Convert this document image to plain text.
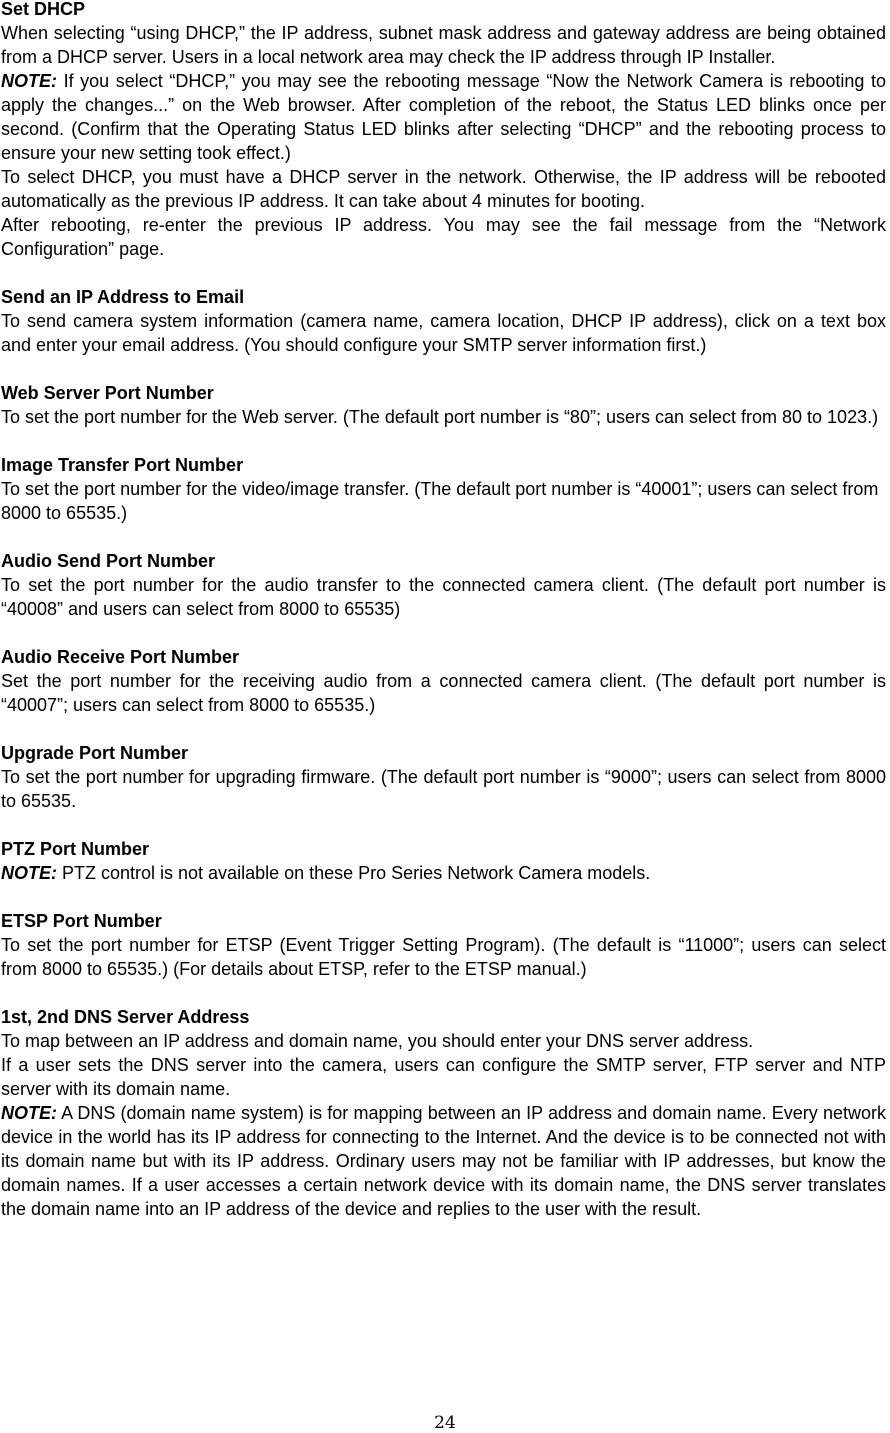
Set DHCP
When selecting “using DHCP,” the IP address, subnet mask address and gateway address are being obtained from a DHCP server. Users in a local network area may check the IP address through IP Installer.
NOTE: If you select “DHCP,” you may see the rebooting message “Now the Network Camera is rebooting to apply the changes...” on the Web browser. After completion of the reboot, the Status LED blinks once per second. (Confirm that the Operating Status LED blinks after selecting “DHCP” and the rebooting process to ensure your new setting took effect.)
To select DHCP, you must have a DHCP server in the network. Otherwise, the IP address will be rebooted automatically as the previous IP address. It can take about 4 minutes for booting.
After rebooting, re-enter the previous IP address. You may see the fail message from the “Network Configuration” page.
Send an IP Address to Email
To send camera system information (camera name, camera location, DHCP IP address), click on a text box and enter your email address. (You should configure your SMTP server information first.)
Web Server Port Number
To set the port number for the Web server. (The default port number is “80”; users can select from 80 to 1023.)
Image Transfer Port Number
To set the port number for the video/image transfer. (The default port number is “40001”; users can select from 8000 to 65535.)
Audio Send Port Number
To set the port number for the audio transfer to the connected camera client. (The default port number is “40008” and users can select from 8000 to 65535)
Audio Receive Port Number
Set the port number for the receiving audio from a connected camera client. (The default port number is “40007”; users can select from 8000 to 65535.)
Upgrade Port Number
To set the port number for upgrading firmware. (The default port number is “9000”; users can select from 8000 to 65535.
PTZ Port Number
NOTE: PTZ control is not available on these Pro Series Network Camera models.
ETSP Port Number
To set the port number for ETSP (Event Trigger Setting Program). (The default is “11000”; users can select from 8000 to 65535.) (For details about ETSP, refer to the ETSP manual.)
1st, 2nd DNS Server Address
To map between an IP address and domain name, you should enter your DNS server address.
If a user sets the DNS server into the camera, users can configure the SMTP server, FTP server and NTP server with its domain name.
NOTE: A DNS (domain name system) is for mapping between an IP address and domain name. Every network device in the world has its IP address for connecting to the Internet. And the device is to be connected not with its domain name but with its IP address. Ordinary users may not be familiar with IP addresses, but know the domain names. If a user accesses a certain network device with its domain name, the DNS server translates the domain name into an IP address of the device and replies to the user with the result.
24
